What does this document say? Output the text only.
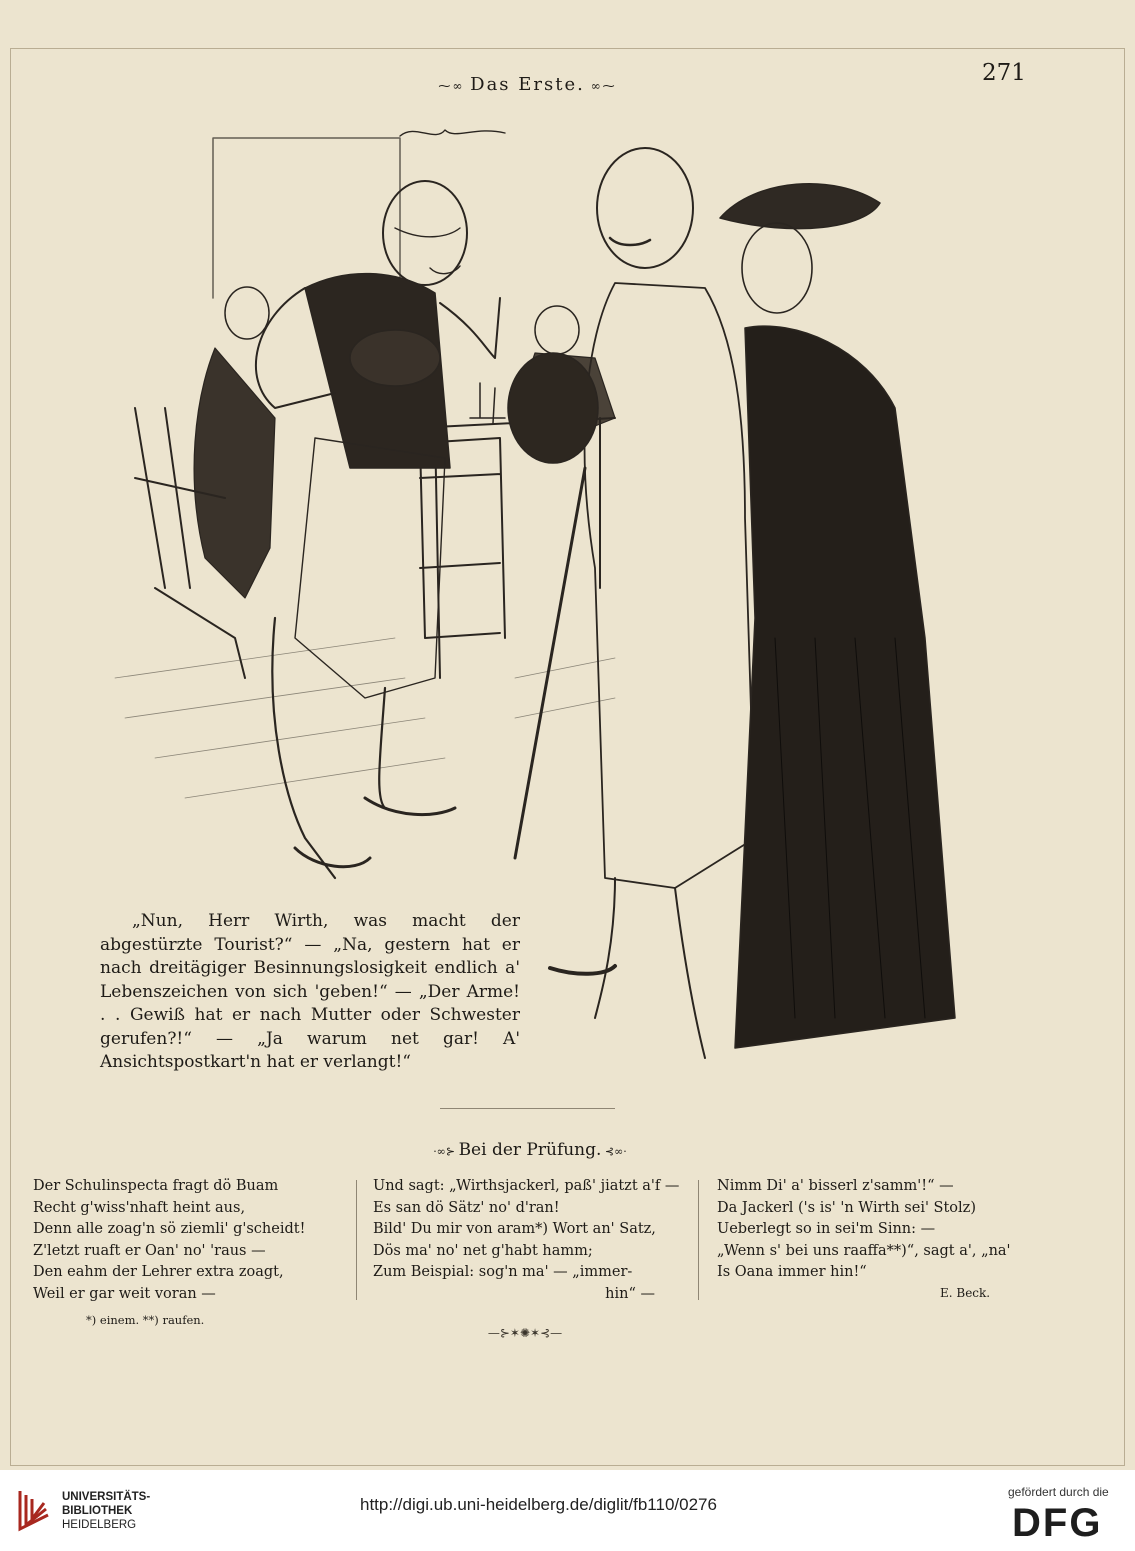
271
⁓∞ Das Erste. ∞⁓

„Nun, Herr Wirth, was macht der abgestürzte Tourist?“ — „Na, gestern hat er nach dreitägiger Besinnungslosigkeit endlich a' Lebenszeichen von sich 'geben!“ — „Der Arme! . . Gewiß hat er nach Mutter oder Schwester gerufen?!“ — „Ja warum net gar! A' Ansichtspostkart'n hat er verlangt!“

·∞⊱ Bei der Prüfung. ⊰∞·
Der Schulinspecta fragt dö Buam
Recht g'wiss'nhaft heint aus,
Denn alle zoag'n sö ziemli' g'scheidt!
Z'letzt ruaft er Oan' no' 'raus —
Den eahm der Lehrer extra zoagt,
Weil er gar weit voran —
Und sagt: „Wirthsjackerl, paß' jiatzt a'f —
Es san dö Sätz' no' d'ran!
Bild' Du mir von aram*) Wort an' Satz,
Dös ma' no' net g'habt hamm;
Zum Beispial: sog'n ma' — „immer-
hin“ —
Nimm Di' a' bisserl z'samm'!“ —
Da Jackerl ('s is' 'n Wirth sei' Stolz)
Ueberlegt so in sei'm Sinn: —
„Wenn s' bei uns raaffa**)“, sagt a', „na'
Is Oana immer hin!“
E. Beck.
*) einem. **) raufen.
—⊱✶✺✶⊰—
UNIVERSITÄTS-
BIBLIOTHEK
HEIDELBERG
http://digi.ub.uni-heidelberg.de/diglit/fb110/0276
gefördert durch die
DFG
